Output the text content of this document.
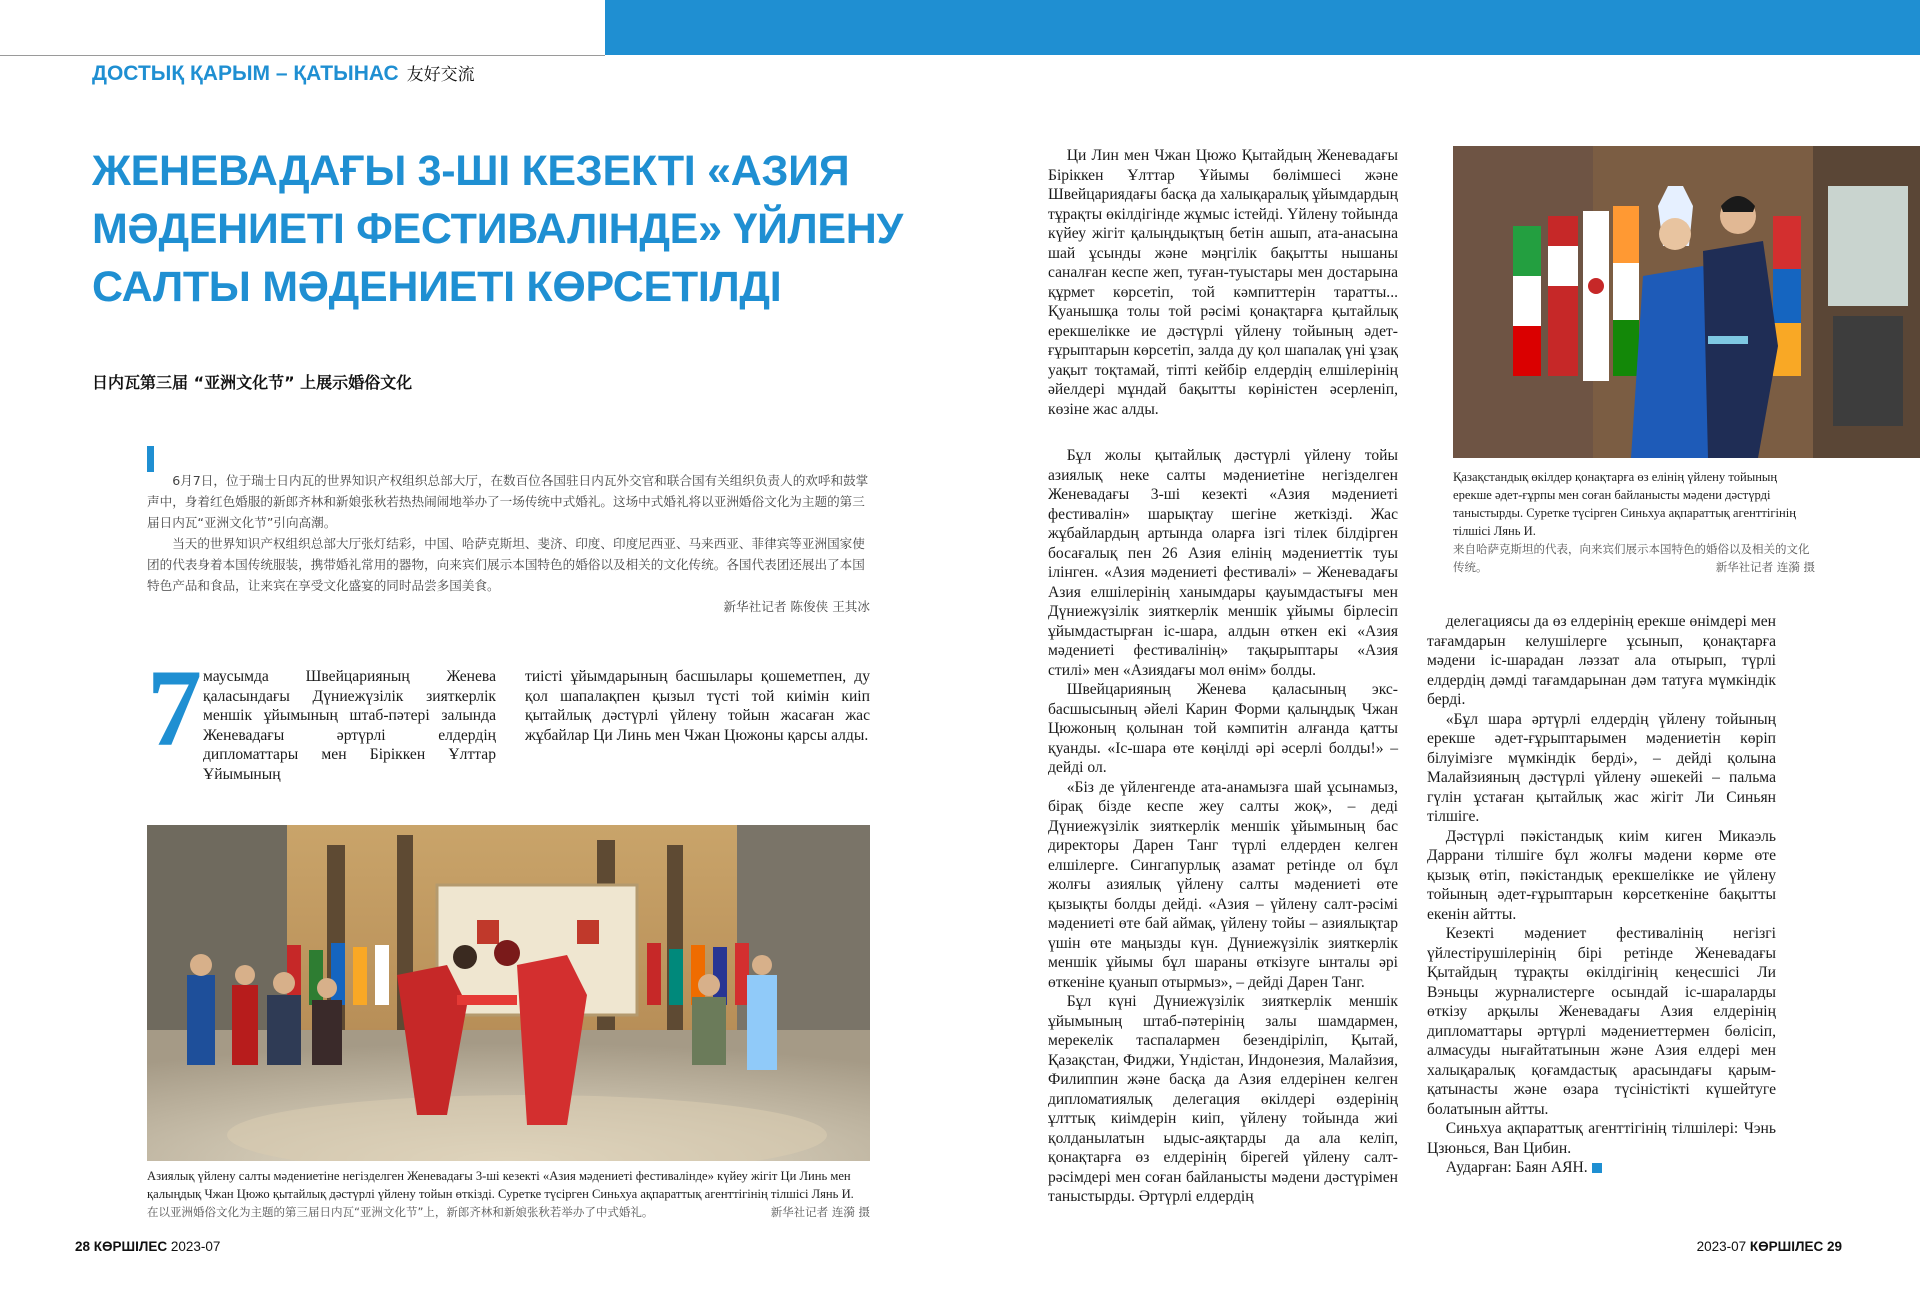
ДОСТЫҚ ҚАРЫМ – ҚАТЫНАС 友好交流
ЖЕНЕВАДАҒЫ 3-ШІ КЕЗЕКТІ «АЗИЯ МӘДЕНИЕТІ ФЕСТИВАЛІНДЕ» ҮЙЛЕНУ САЛТЫ МӘДЕНИЕТІ КӨРСЕТІЛДІ
日内瓦第三届 “亚洲文化节” 上展示婚俗文化

6月7日，位于瑞士日内瓦的世界知识产权组织总部大厅，在数百位各国驻日内瓦外交官和联合国有关组织负责人的欢呼和鼓掌声中，身着红色婚服的新郎齐林和新娘张秋若热热闹闹地举办了一场传统中式婚礼。这场中式婚礼将以亚洲婚俗文化为主题的第三届日内瓦“亚洲文化节”引向高潮。

当天的世界知识产权组织总部大厅张灯结彩，中国、哈萨克斯坦、斐济、印度、印度尼西亚、马来西亚、菲律宾等亚洲国家使团的代表身着本国传统服装，携带婚礼常用的器物，向来宾们展示本国特色的婚俗以及相关的文化传统。各国代表团还展出了本国特色产品和食品，让来宾在享受文化盛宴的同时品尝多国美食。

新华社记者 陈俊侠 王其冰

7 маусымда Швейцарияның Женева қаласындағы Дүниежүзілік зияткерлік меншік ұйымының штаб-пәтері залында Женевадағы әртүрлі елдердің дипломаттары мен Біріккен Ұлттар Ұйымының
тиісті ұйымдарының басшылары қошеметпен, ду қол шапалақпен қызыл түсті той киімін киіп қытайлық дәстүрлі үйлену тойын жасаған жас жұбайлар Ци Линь мен Чжан Цюжоны қарсы алды.
Азиялық үйлену салты мәдениетіне негізделген Женевадағы 3-ші кезекті «Азия мәдениеті фестивалінде» күйеу жігіт Ци Линь мен қалыңдық Чжан Цюжо қытайлық дәстүрлі үйлену тойын өткізді. Суретке түсірген Синьхуа ақпараттық агенттігінің тілшісі Лянь И.
新华社记者 连漪 摄
在以亚洲婚俗文化为主题的第三届日内瓦“亚洲文化节”上，新郎齐林和新娘张秋若举办了中式婚礼。
Қазақстандық өкілдер қонақтарға өз елінің үйлену тойының ерекше әдет-ғұрпы мен соған байланысты мәдени дәстүрді таныстырды. Суретке түсірген Синьхуа ақпараттық агенттігінің тілшісі Лянь И.
来自哈萨克斯坦的代表，向来宾们展示本国特色的婚俗以及相关的文化传统。	新华社记者 连漪 摄

Ци Лин мен Чжан Цюжо Қытайдың Женевадағы Біріккен Ұлттар Ұйымы бөлімшесі және Швейцариядағы басқа да халықаралық ұйымдардың тұрақты өкілдігінде жұмыс істейді. Үйлену тойында күйеу жігіт қалыңдықтың бетін ашып, ата-анасына шай ұсынды және мәңгілік бақытты нышаны саналған кеспе жеп, туған-туыстары мен достарына құрмет көрсетіп, той кәмпиттерін таратты... Қуанышқа толы той рәсімі қонақтарға қытайлық ерекшелікке ие дәстүрлі үйлену тойының әдет-ғұрыптарын көрсетіп, залда ду қол шапалақ үні ұзақ уақыт тоқтамай, тіпті кейбір елдердің елшілерінің әйелдері мұндай бақытты көріністен әсерленіп, көзіне жас алды.

Бұл жолы қытайлық дәстүрлі үйлену тойы азиялық неке салты мәдениетіне негізделген Женевадағы 3-ші кезекті «Азия мәдениеті фестивалін» шарықтау шегіне жеткізді. Жас жұбайлардың артында оларға ізгі тілек білдірген босағалық пен 26 Азия елінің мәдениеттік туы ілінген. «Азия мәдениеті фестивалі» – Женевадағы Азия елшілерінің ханымдары қауымдастығы мен Дүниежүзілік зияткерлік меншік ұйымы бірлесіп ұйымдастырған іс-шара, алдын өткен екі «Азия мәдениеті фестивалінің» тақырыптары «Азия стилі» мен «Азиядағы мол өнім» болды.

Швейцарияның Женева қаласының экс-басшысының әйелі Карин Форми қалыңдық Чжан Цюжоның қолынан той кәмпитін алғанда қатты қуанды. «Іс-шара өте көңілді әрі әсерлі болды!» – дейді ол.

«Біз де үйленгенде ата-анамызға шай ұсынамыз, бірақ бізде кеспе жеу салты жоқ», – деді Дүниежүзілік зияткерлік меншік ұйымының бас директоры Дарен Танг түрлі елдерден келген елшілерге. Сингапурлық азамат ретінде ол бұл жолғы азиялық үйлену салты мәдениеті өте қызықты болды дейді. «Азия – үйлену салт-рәсімі мәдениеті өте бай аймақ, үйлену тойы – азиялықтар үшін өте маңызды күн. Дүниежүзілік зияткерлік меншік ұйымы бұл шараны өткізуге ынталы әрі өткеніне қуанып отырмыз», – дейді Дарен Танг.

Бұл күні Дүниежүзілік зияткерлік меншік ұйымының штаб-пәтерінің залы шамдармен, мерекелік таспалармен безендіріліп, Қытай, Қазақстан, Фиджи, Үндістан, Индонезия, Малайзия, Филиппин және басқа да Азия елдерінен келген дипломатиялық делегация өкілдері өздерінің ұлттық киімдерін киіп, үйлену тойында жиі қолданылатын ыдыс-аяқтарды да ала келіп, қонақтарға өз елдерінің бірегей үйлену салт-рәсімдері мен соған байланысты мәдени дәстүрімен таныстырды. Әртүрлі елдердің

делегациясы да өз елдерінің ерекше өнімдері мен тағамдарын келушілерге ұсынып, қонақтарға мәдени іс-шарадан ләззат ала отырып, түрлі елдердің дәмді тағамдарынан дәм татуға мүмкіндік берді.

«Бұл шара әртүрлі елдердің үйлену тойының ерекше әдет-ғұрыптарымен мәдениетін көріп білуімізге мүмкіндік берді», – дейді қолына Малайзияның дәстүрлі үйлену әшекейі – пальма гүлін ұстаған қытайлық жас жігіт Ли Синьян тілшіге.

Дәстүрлі пәкістандық киім киген Микаэль Даррани тілшіге бұл жолғы мәдени көрме өте қызық өтіп, пәкістандық ерекшелікке ие үйлену тойының әдет-ғұрыптарын көрсеткеніне бақытты екенін айтты.

Кезекті мәдениет фестивалінің негізгі үйлестірушілерінің бірі ретінде Женевадағы Қытайдың тұрақты өкілдігінің кеңесшісі Ли Вэньцы журналистерге осындай іс-шараларды өткізу арқылы Женевадағы Азия елдерінің дипломаттары әртүрлі мәдениеттермен бөлісіп, алмасуды нығайтатынын және Азия елдері мен халықаралық қоғамдастық арасындағы қарым-қатынасты және өзара түсіністікті күшейтуге болатынын айтты.

Синьхуа ақпараттық агенттігінің тілшілері: Чэнь Цзюнься, Ван Цибин.

Аударған: Баян АЯН.

28 КӨРШІЛЕС 2023-07	2023-07 КӨРШІЛЕС 29
